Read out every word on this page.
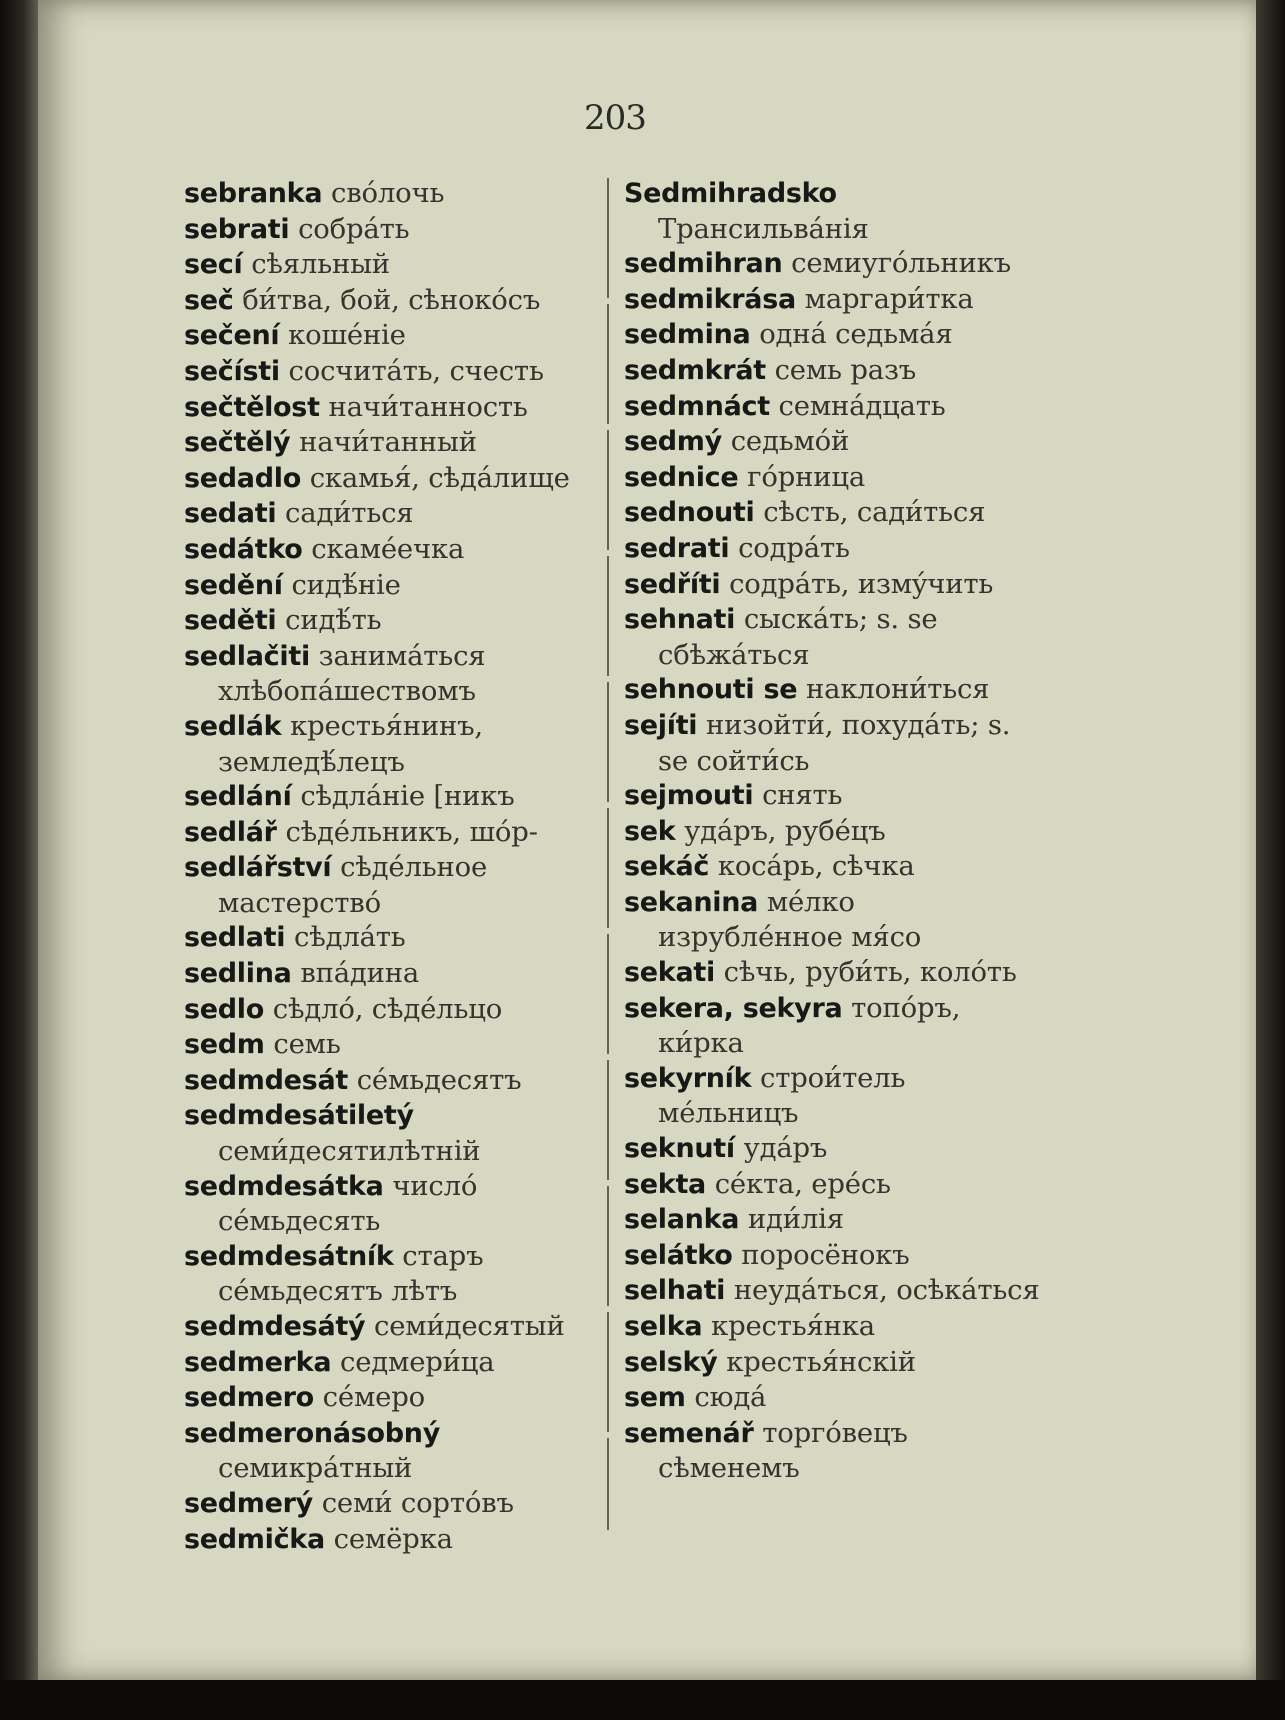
203
sebranka свóлочь
sebrati собрáть
secí сѣяльный
seč би́тва, бой, сѣнокóсъ
sečení кошéніе
sečísti сосчитáть, счесть
sečtělost начи́танность
sečtělý начи́танный
sedadlo скамья́, сѣдáлище
sedati сади́ться
sedátko скамéечка
sedění сидѣ́ніе
seděti сидѣ́ть
sedlačiti занимáться хлѣбопáшествомъ
sedlák крестья́нинъ, земледѣ́лецъ
sedlání сѣдлáніе [никъ
sedlář сѣдéльникъ, шóр-
sedlářství сѣдéльное мастерствó
sedlati сѣдлáть
sedlina впáдина
sedlo сѣдлó, сѣдéльцо
sedm семь
sedmdesát сéмьдесятъ
sedmdesátiletý семи́десятилѣтній
sedmdesátka числó сéмьдесять
sedmdesátník старъ сéмьдесятъ лѣтъ
sedmdesátý семи́десятый
sedmerka седмери́ца
sedmero сéмеро
sedmeronásobný семикрáтный
sedmerý семи́ сортóвъ
sedmička семёрка
Sedmihradsko Трансильвáнія
sedmihran семиугóльникъ
sedmikrása маргари́тка
sedmina однá седьмáя
sedmkrát семь разъ
sedmnáct семнáдцать
sedmý седьмóй
sednice гóрница
sednouti сѣсть, сади́ться
sedrati содрáть
sedříti содрáть, измýчить
sehnati сыскáть; s. se сбѣжáться
sehnouti se наклони́ться
sejíti низойти́, похудáть; s. se сойти́сь
sejmouti снять
sek удáръ, рубéцъ
sekáč косáрь, сѣчка
sekanina мéлко изрублéнное мя́со
sekati сѣчь, руби́ть, колóть
sekera, sekyra топóръ, ки́рка
sekyrník строи́тель мéльницъ
seknutí удáръ
sekta сéкта, ерéсь
selanka иди́лія
selátko поросёнокъ
selhati неудáться, осѣкáться
selka крестья́нка
selský крестья́нскій
sem сюдá
semenář торгóвецъ сѣменемъ
